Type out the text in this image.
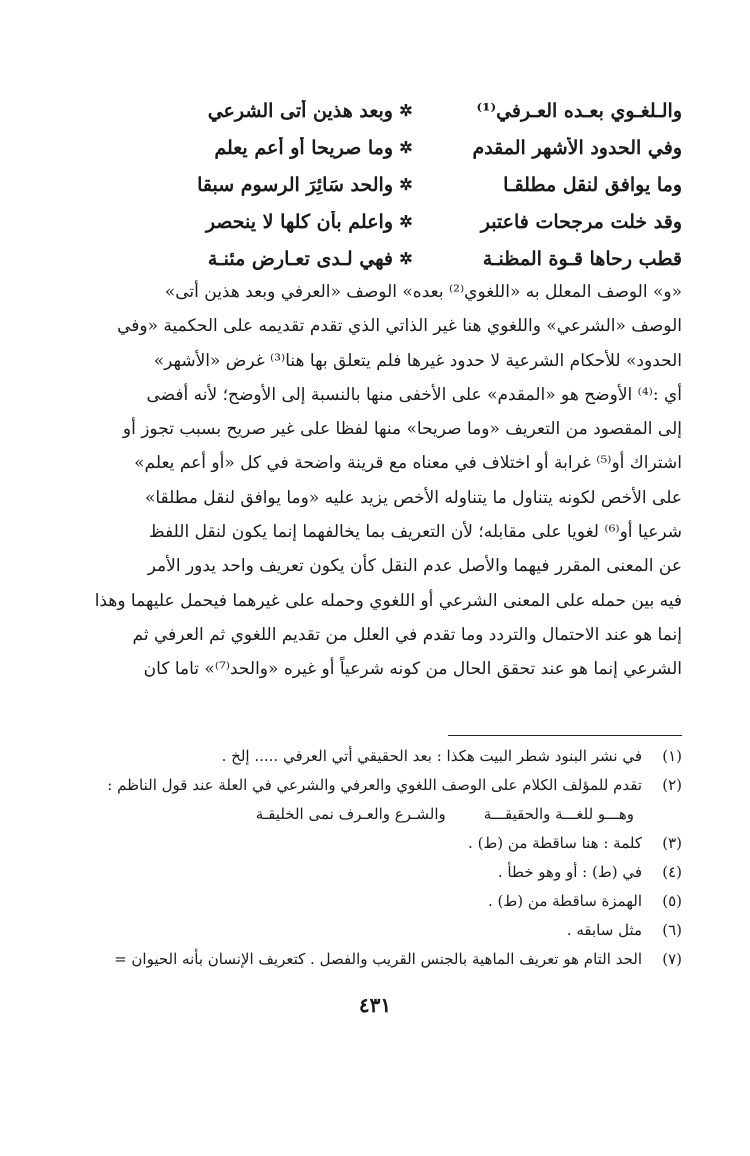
والـلغـوي بعـده العـرفي⁽¹⁾
✲
وبعد هذين أتى الشرعي
وفي الحدود الأشهر المقدم
✲
وما صريحا أو أعم يعلم
وما يوافق لنقل مطلقـا
✲
والحد سَائِرَ الرسوم سبقا
وقد خلت مرجحات فاعتبر
✲
واعلم بأن كلها لا ينحصر
قطب رحاها قـوة المظنـة
✲
فهي لـدى تعـارض مئنـة

«و» الوصف المعلل به «اللغوي⁽²⁾ بعده» الوصف «العرفي وبعد هذين أتى»

الوصف «الشرعي» واللغوي هنا غير الذاتي الذي تقدم تقديمه على الحكمية «وفي

الحدود» للأحكام الشرعية لا حدود غيرها فلم يتعلق بها هنا⁽³⁾ غرض «الأشهر»

أي :⁽⁴⁾ الأوضح هو «المقدم» على الأخفى منها بالنسبة إلى الأوضح؛ لأنه أفضى

إلى المقصود من التعريف «وما صريحا» منها لفظا على غير صريح بسبب تجوز أو

اشتراك أو⁽⁵⁾ غرابة أو اختلاف في معناه مع قرينة واضحة في كل «أو أعم يعلم»

على الأخص لكونه يتناول ما يتناوله الأخص يزيد عليه «وما يوافق لنقل مطلقا»

شرعيا أو⁽⁶⁾ لغويا على مقابله؛ لأن التعريف بما يخالفهما إنما يكون لنقل اللفظ

عن المعنى المقرر فيهما والأصل عدم النقل كأن يكون تعريف واحد يدور الأمر

فيه بين حمله على المعنى الشرعي أو اللغوي وحمله على غيرهما فيحمل عليهما وهذا

إنما هو عند الاحتمال والتردد وما تقدم في العلل من تقديم اللغوي ثم العرفي ثم

الشرعي إنما هو عند تحقق الحال من كونه شرعياً أو غيره «والحد⁽⁷⁾» تاما كان

(١)
في نشر البنود شطر البيت هكذا : بعد الحقيقي أتي العرفي ..... إلخ .
(٢)
تقدم للمؤلف الكلام على الوصف اللغوي والعرفي والشرعي في العلة عند قول الناظم :
وهـــو للغـــة والحقيقـــة
والشـرع والعـرف نمى الخليقـة
(٣)
كلمة : هنا ساقطة من (ط) .
(٤)
في (ط) : أو وهو خطأ .
(٥)
الهمزة ساقطة من (ط) .
(٦)
مثل سابقه .
(٧)
الحد التام هو تعريف الماهية بالجنس القريب والفصل . كتعريف الإنسان بأنه الحيوان =
٤٣١
